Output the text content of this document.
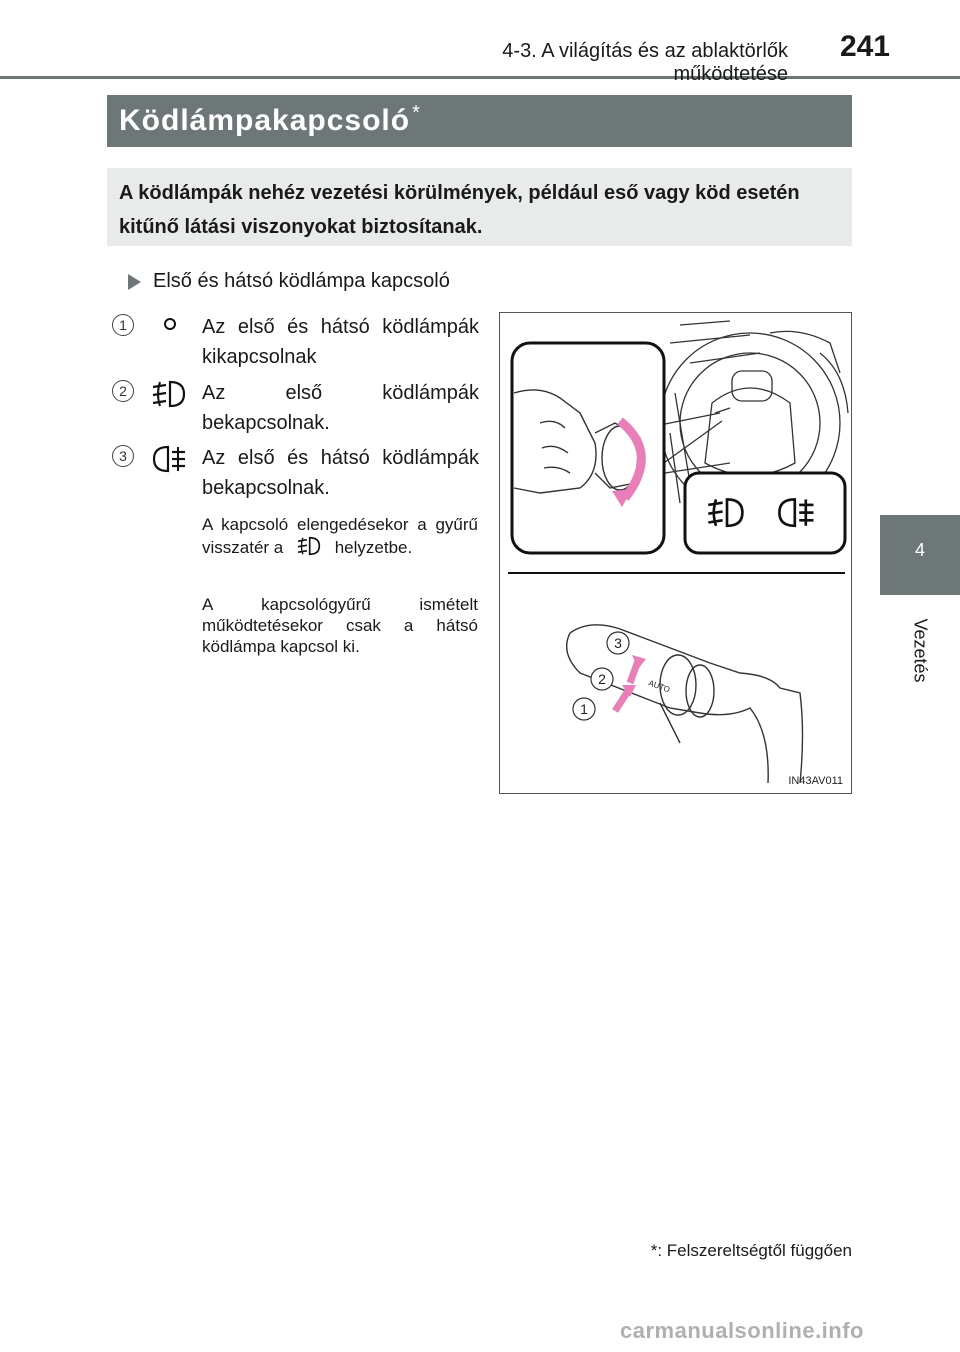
4-3. A világítás és az ablaktörlők működtetése
241
4
Vezetés
Ködlámpakapcsoló *
A ködlámpák nehéz vezetési körülmények, például eső vagy köd esetén kitűnő látási viszonyokat biztosítanak.
Első és hátsó ködlámpa kapcsoló
1	Az első és hátsó ködlámpák kikapcsolnak
2	Az első ködlámpák bekapcsolnak.
3	Az első és hátsó ködlámpák bekapcsolnak.
A kapcsoló elengedésekor a gyűrű visszatér a	helyzetbe.
A kapcsológyűrű ismételt működtetésekor csak a hátsó ködlámpa kapcsol ki.	3
2
1
AUTO
IN43AV011
*: Felszereltségtől függően
carmanualsonline.info
